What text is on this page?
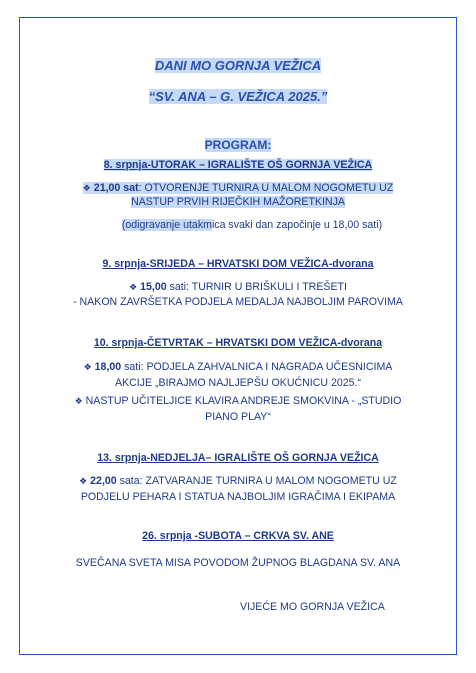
DANI MO GORNJA VEŽICA
“SV. ANA – G. VEŽICA 2025.”
PROGRAM:
8. srpnja-UTORAK – IGRALIŠTE OŠ GORNJA VEŽICA
❖ 21,00 sat: OTVORENJE TURNIRA U MALOM NOGOMETU UZ
NASTUP PRVIH RIJEČKIH MAŽORETKINJA
(odigravanje utakmica svaki dan započinje u 18,00 sati)
9. srpnja-SRIJEDA – HRVATSKI DOM VEŽICA-dvorana
❖ 15,00 sati: TURNIR U BRIŠKULI I TREŠETI
- NAKON ZAVRŠETKA PODJELA MEDALJA NAJBOLJIM PAROVIMA
10. srpnja-ČETVRTAK – HRVATSKI DOM VEŽICA-dvorana
❖ 18,00 sati: PODJELA ZAHVALNICA I NAGRADA UČESNICIMA
AKCIJE „BIRAJMO NAJLJEPŠU OKUĆNICU 2025.“
❖ NASTUP UČITELJICE KLAVIRA ANDREJE SMOKVINA - „STUDIO
PIANO PLAY“
13. srpnja-NEDJELJA– IGRALIŠTE OŠ GORNJA VEŽICA
❖ 22,00 sata: ZATVARANJE TURNIRA U MALOM NOGOMETU UZ
PODJELU PEHARA I STATUA NAJBOLJIM IGRAČIMA I EKIPAMA
26. srpnja -SUBOTA – CRKVA SV. ANE
SVEČANA SVETA MISA POVODOM ŽUPNOG BLAGDANA SV. ANA
VIJEĆE MO GORNJA VEŽICA
